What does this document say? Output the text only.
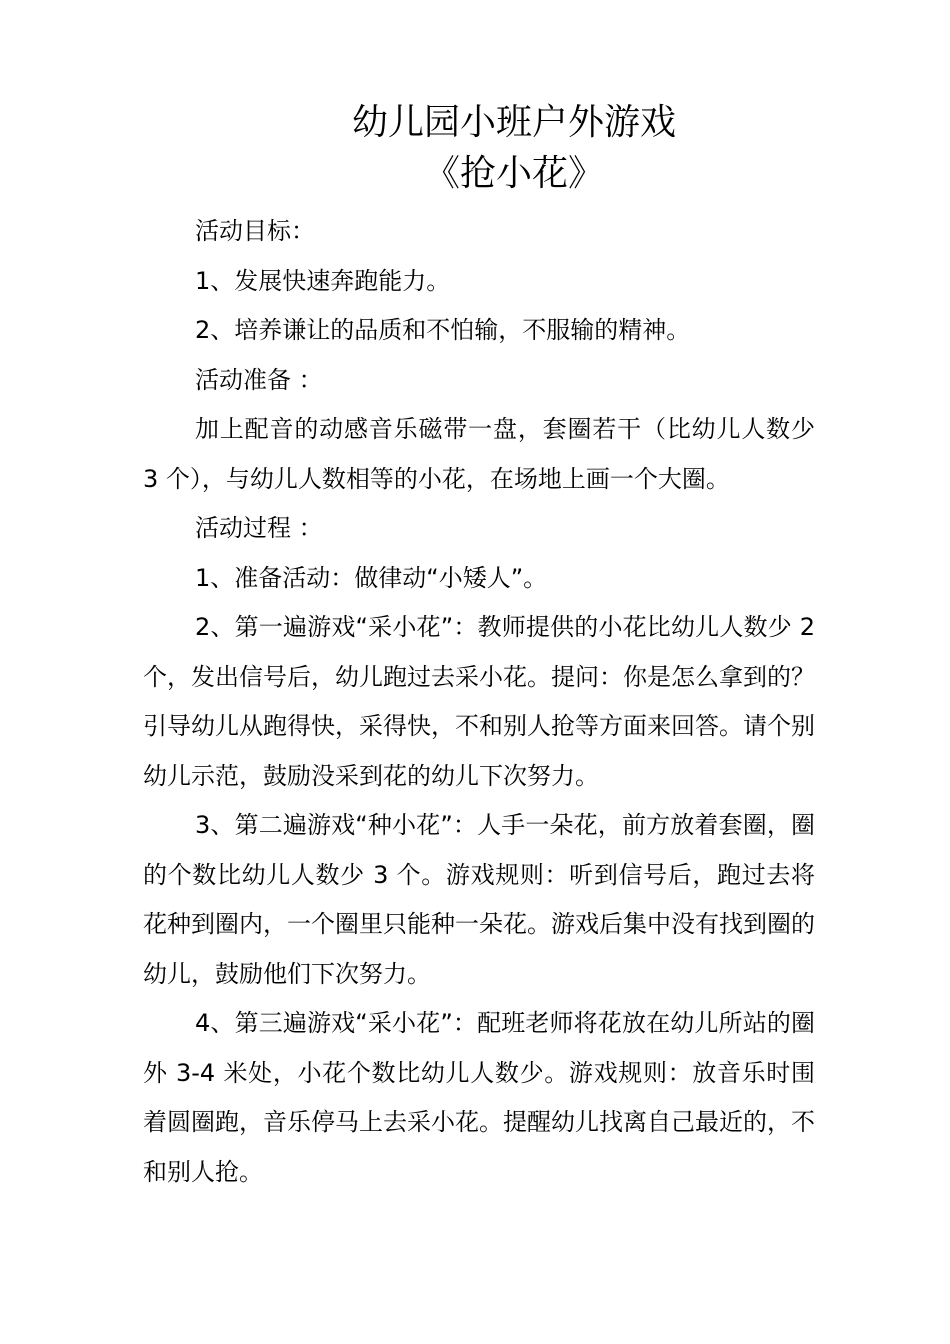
幼儿园小班户外游戏
《抢小花》

活动目标：

1、发展快速奔跑能力。

2、培养谦让的品质和不怕输，不服输的精神。

活动准备 ：

加上配音的动感音乐磁带一盘，套圈若干（比幼儿人数少 3 个），与幼儿人数相等的小花，在场地上画一个大圈。

活动过程 ：

1、准备活动：做律动“小矮人”。

2、第一遍游戏“采小花”：教师提供的小花比幼儿人数少 2 个，发出信号后，幼儿跑过去采小花。提问：你是怎么拿到的？引导幼儿从跑得快，采得快，不和别人抢等方面来回答。请个别幼儿示范，鼓励没采到花的幼儿下次努力。

3、第二遍游戏“种小花”：人手一朵花，前方放着套圈，圈的个数比幼儿人数少 3 个。游戏规则：听到信号后，跑过去将花种到圈内，一个圈里只能种一朵花。游戏后集中没有找到圈的幼儿，鼓励他们下次努力。

4、第三遍游戏“采小花”：配班老师将花放在幼儿所站的圈外 3-4 米处，小花个数比幼儿人数少。游戏规则：放音乐时围着圆圈跑，音乐停马上去采小花。提醒幼儿找离自己最近的，不和别人抢。
